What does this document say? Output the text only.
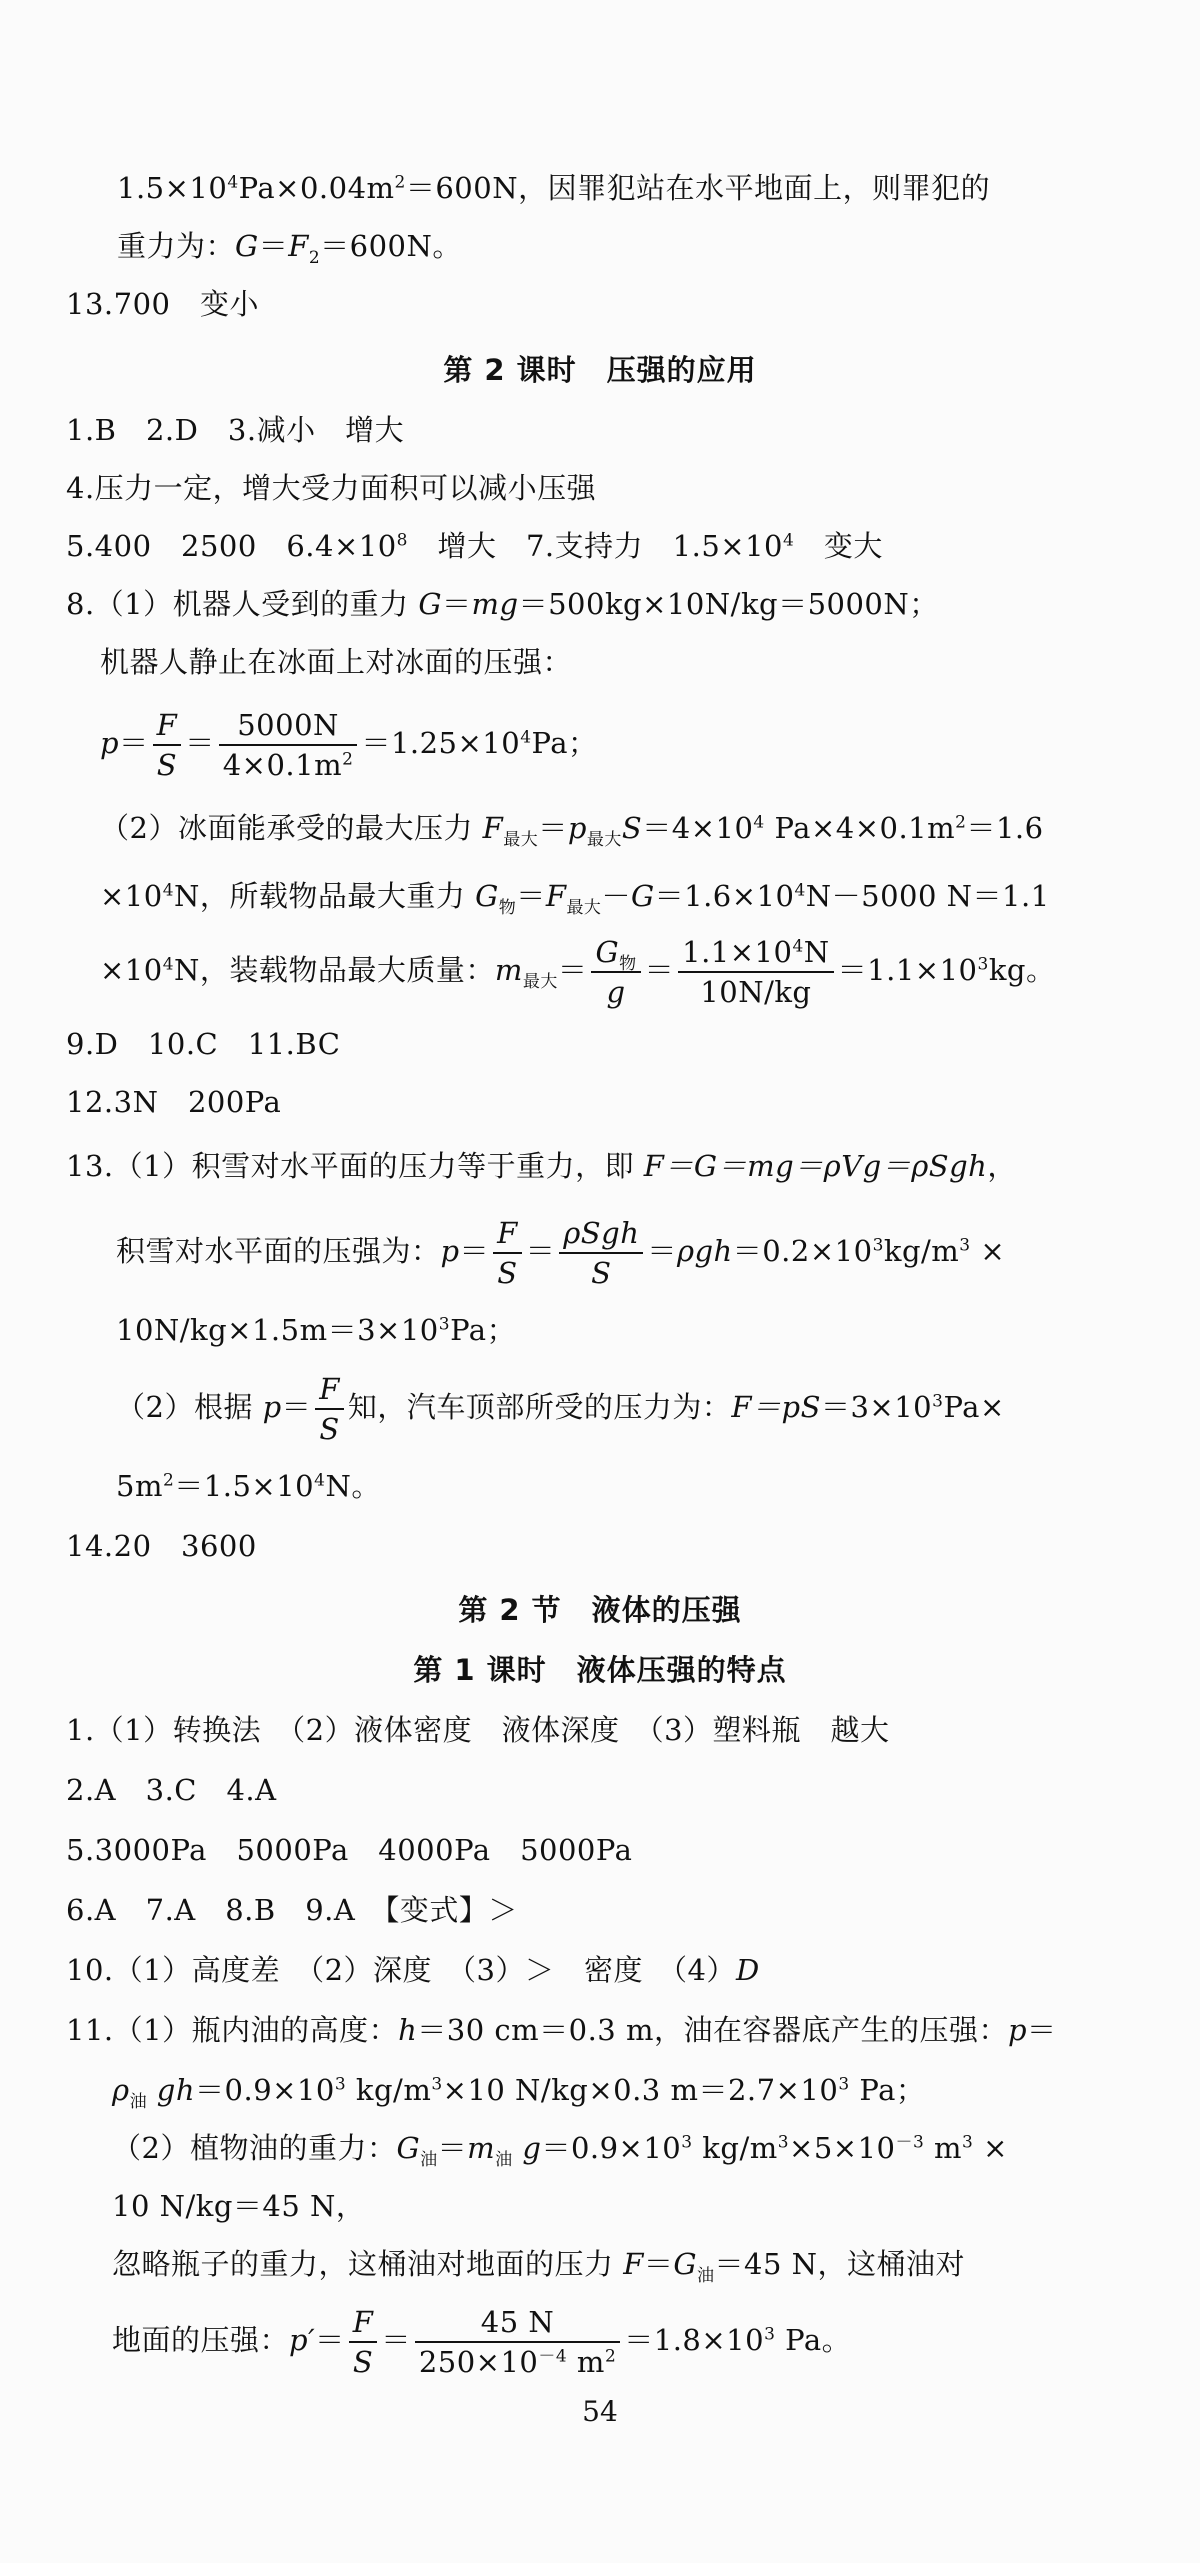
$1.5\times 10^4Pa\times 0.04m^2=600N$，因罪犯站在水平地面上，则罪犯的
重力为：$G=F_2=600N$。
13.700　变小
第 2 课时　压强的应用
1.B　2.D　3.减小　增大
4.压力一定，增大受力面积可以减小压强
5.400　2500　$6.4\times 10^8$　增大　7.支持力　$1.5\times 10^4$　变大
8.（1）机器人受到的重力 G＝mg＝500kg×10N/kg＝5000N；
机器人静止在冰面上对冰面的压强：
$p= \frac{F}{S} = \frac{5000N}{4\times 0.1m^2} =1.25\times 10^4Pa$；
（2）冰面能承受的最大压力 $F_{最大}=p_{最大}S=4\times 10^4$ $Pa\times 4\times 0.1m^2=1.6$
$\times 10^4N$，所载物品最大重力 $G_物=F_{最大}-G=1.6\times 10^4N-5000$ N＝1.1
$\times 10^4N$，装载物品最大质量：$m_{最大}= \frac{G_物}{g} = \frac{1.1\times 10^4N}{10N/kg} =1.1\times 10^3kg$。
9.D　10.C　11.BC
12.3N　200Pa
13.（1）积雪对水平面的压力等于重力，即 F＝G＝mg＝ρVg＝ρSgh，
积雪对水平面的压强为：$p= \frac{F}{S} = \frac{\text{ρSgh}}{S} =\rho gh=0.2\times 10^3kg/m^3$ ×
$10N/kg\times 1.5m=3\times 10^3Pa$；
（2）根据 $p= \frac{F}{S}$ 知，汽车顶部所受的压力为：$F=pS=3\times 10^3Pa\times$
$5m^2=1.5\times 10^4N$。
14.20　3600
第 2 节　液体的压强
第 1 课时　液体压强的特点
1.（1）转换法　（2）液体密度　液体深度　（3）塑料瓶　越大
2.A　3.C　4.A
5.3000Pa　5000Pa　4000Pa　5000Pa
6.A　7.A　8.B　9.A　【变式】＞
10.（1）高度差　（2）深度　（3）＞　密度　（4）D
11.（1）瓶内油的高度：h＝30 cm＝0.3 m，油在容器底产生的压强：p＝
$\rho_油$ $gh=0.9\times 10^3$ $kg/m^3\times 10$ N/kg×0.3 $m=2.7\times 10^3$ Pa；
（2）植物油的重力：$G_油=m_油$ $g=0.9\times 10^3$ $kg/m^3\times 5\times 10^{-3}$ $m^3$ ×
10 N/kg＝45 N，
忽略瓶子的重力，这桶油对地面的压力 $F=G_油=45$ N，这桶油对
地面的压强：$p'= \frac{F}{S} = \frac{45 N}{250\times 10^{-4} m^2} =1.8\times 10^3$ Pa。
54
